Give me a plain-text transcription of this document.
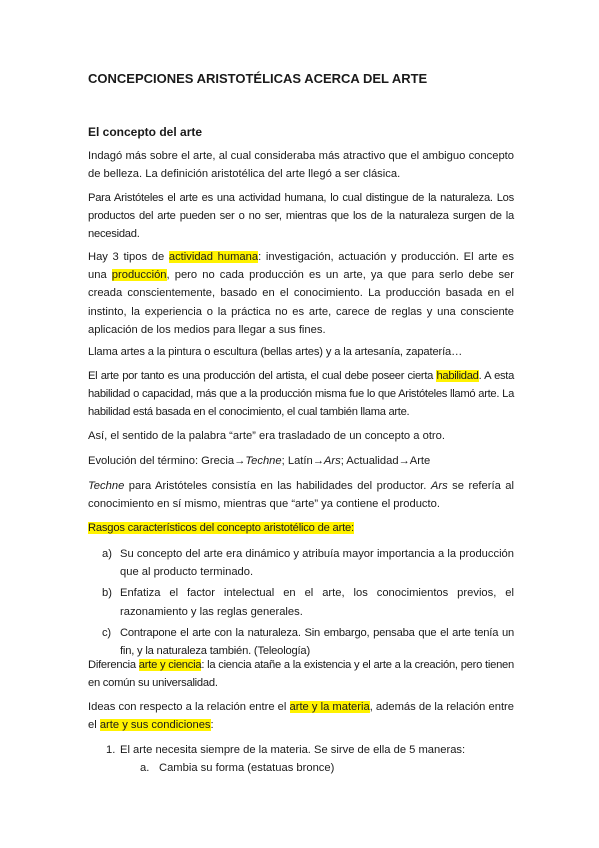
CONCEPCIONES ARISTOTÉLICAS ACERCA DEL ARTE
El concepto del arte

Indagó más sobre el arte, al cual consideraba más atractivo que el ambiguo concepto de belleza. La definición aristotélica del arte llegó a ser clásica.

Para Aristóteles el arte es una actividad humana, lo cual distingue de la naturaleza. Los productos del arte pueden ser o no ser, mientras que los de la naturaleza surgen de la necesidad.

Hay 3 tipos de actividad humana: investigación, actuación y producción. El arte es una producción, pero no cada producción es un arte, ya que para serlo debe ser creada conscientemente, basado en el conocimiento. La producción basada en el instinto, la experiencia o la práctica no es arte, carece de reglas y una consciente aplicación de los medios para llegar a sus fines.

Llama artes a la pintura o escultura (bellas artes) y a la artesanía, zapatería…

El arte por tanto es una producción del artista, el cual debe poseer cierta habilidad. A esta habilidad o capacidad, más que a la producción misma fue lo que Aristóteles llamó arte. La habilidad está basada en el conocimiento, el cual también llama arte.

Así, el sentido de la palabra “arte” era trasladado de un concepto a otro.

Evolución del término: Grecia→Techne; Latín→Ars; Actualidad→Arte

Techne para Aristóteles consistía en las habilidades del productor. Ars se refería al conocimiento en sí mismo, mientras que “arte” ya contiene el producto.

Rasgos característicos del concepto aristotélico de arte:

a) Su concepto del arte era dinámico y atribuía mayor importancia a la producción que al producto terminado.
b) Enfatiza el factor intelectual en el arte, los conocimientos previos, el razonamiento y las reglas generales.
c) Contrapone el arte con la naturaleza. Sin embargo, pensaba que el arte tenía un fin, y la naturaleza también. (Teleología)

Diferencia arte y ciencia: la ciencia atañe a la existencia y el arte a la creación, pero tienen en común su universalidad.

Ideas con respecto a la relación entre el arte y la materia, además de la relación entre el arte y sus condiciones:

1. El arte necesita siempre de la materia. Se sirve de ella de 5 maneras:
a. Cambia su forma (estatuas bronce)
